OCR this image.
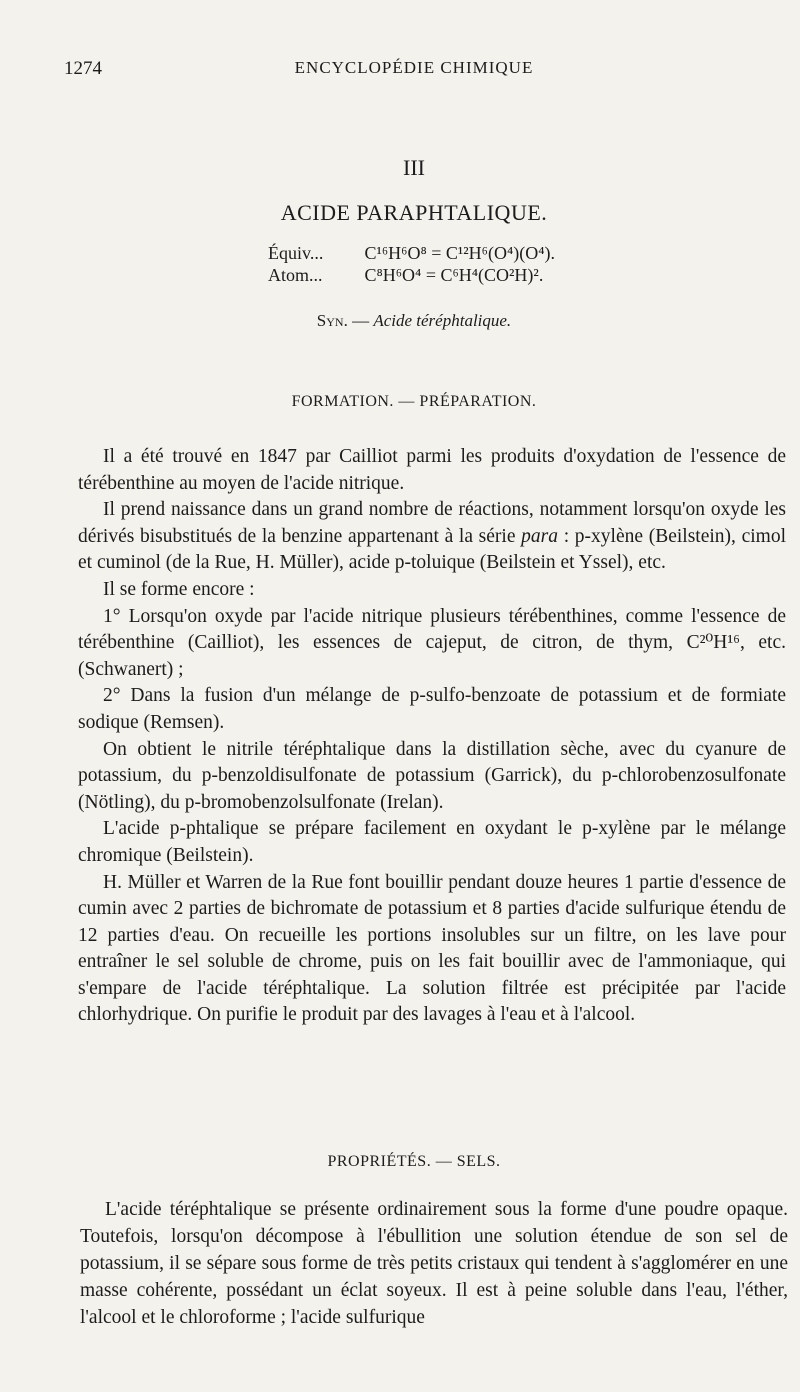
1274	ENCYCLOPÉDIE CHIMIQUE
III
ACIDE PARAPHTALIQUE.
Équiv... C¹⁶H⁶O⁸ = C¹²H⁶(O⁴)(O⁴).
Atom... C⁸H⁶O⁴ = C⁶H⁴(CO²H)².
Syn. — Acide téréphtalique.
FORMATION. — PRÉPARATION.

Il a été trouvé en 1847 par Cailliot parmi les produits d'oxydation de l'essence de térébenthine au moyen de l'acide nitrique.

Il prend naissance dans un grand nombre de réactions, notamment lorsqu'on oxyde les dérivés bisubstitués de la benzine appartenant à la série para : p-xylène (Beilstein), cimol et cuminol (de la Rue, H. Müller), acide p-toluique (Beilstein et Yssel), etc.

Il se forme encore :

1° Lorsqu'on oxyde par l'acide nitrique plusieurs térébenthines, comme l'essence de térébenthine (Cailliot), les essences de cajeput, de citron, de thym, C²⁰H¹⁶, etc. (Schwanert) ;

2° Dans la fusion d'un mélange de p-sulfo-benzoate de potassium et de formiate sodique (Remsen).

On obtient le nitrile téréphtalique dans la distillation sèche, avec du cyanure de potassium, du p-benzoldisulfonate de potassium (Garrick), du p-chlorobenzosulfonate (Nötling), du p-bromobenzolsulfonate (Irelan).

L'acide p-phtalique se prépare facilement en oxydant le p-xylène par le mélange chromique (Beilstein).

H. Müller et Warren de la Rue font bouillir pendant douze heures 1 partie d'essence de cumin avec 2 parties de bichromate de potassium et 8 parties d'acide sulfurique étendu de 12 parties d'eau. On recueille les portions insolubles sur un filtre, on les lave pour entraîner le sel soluble de chrome, puis on les fait bouillir avec de l'ammoniaque, qui s'empare de l'acide téréphtalique. La solution filtrée est précipitée par l'acide chlorhydrique. On purifie le produit par des lavages à l'eau et à l'alcool.

PROPRIÉTÉS. — SELS.

L'acide téréphtalique se présente ordinairement sous la forme d'une poudre opaque. Toutefois, lorsqu'on décompose à l'ébullition une solution étendue de son sel de potassium, il se sépare sous forme de très petits cristaux qui tendent à s'agglomérer en une masse cohérente, possédant un éclat soyeux. Il est à peine soluble dans l'eau, l'éther, l'alcool et le chloroforme ; l'acide sulfurique
